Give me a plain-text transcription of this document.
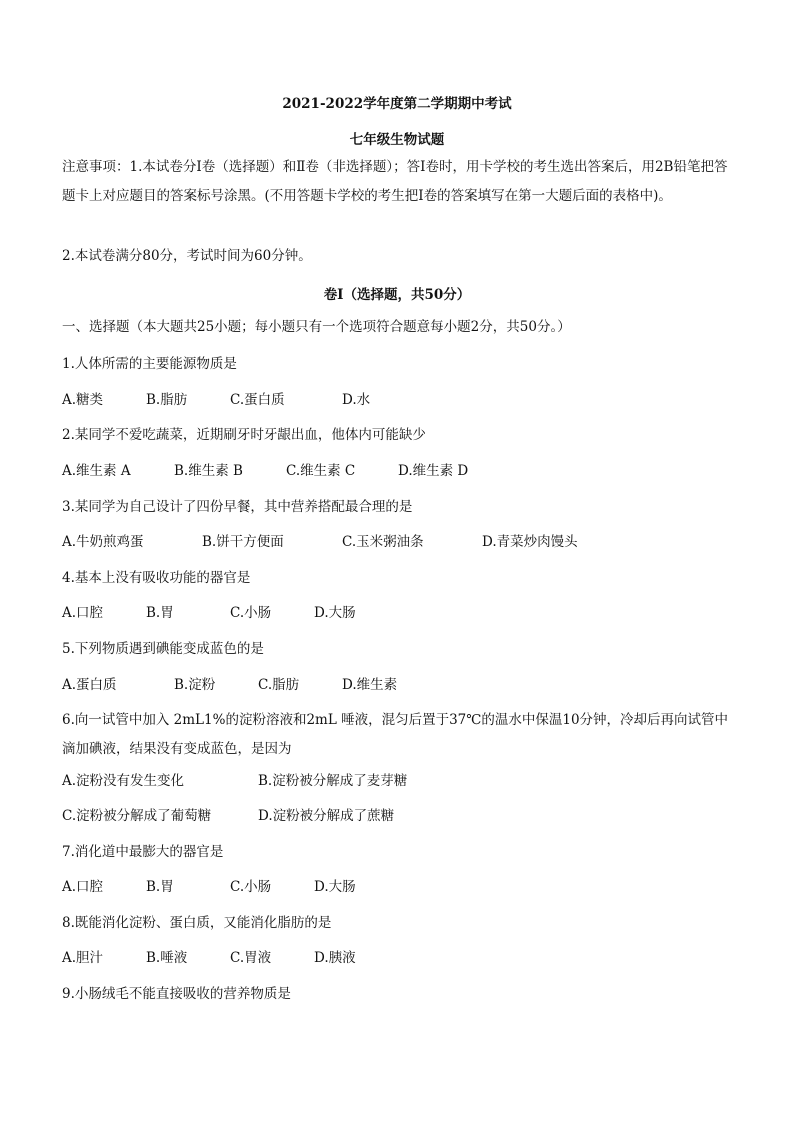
2021-2022学年度第二学期期中考试
七年级生物试题
注意事项：1.本试卷分Ⅰ卷（选择题）和Ⅱ卷（非选择题）；答Ⅰ卷时，用卡学校的考生选出答案后，用2B铅笔把答题卡上对应题目的答案标号涂黑。(不用答题卡学校的考生把Ⅰ卷的答案填写在第一大题后面的表格中)。
2.本试卷满分80分，考试时间为60分钟。
卷Ⅰ（选择题，共50分）
一、选择题（本大题共25小题；每小题只有一个选项符合题意每小题2分，共50分。）
1.人体所需的主要能源物质是
A.糖类	B.脂肪	C.蛋白质	D.水
2.某同学不爱吃蔬菜，近期刷牙时牙龈出血，他体内可能缺少
A.维生素 A	B.维生素 B	C.维生素 C	D.维生素 D
3.某同学为自己设计了四份早餐，其中营养搭配最合理的是
A.牛奶煎鸡蛋	B.饼干方便面	C.玉米粥油条	D.青菜炒肉馒头
4.基本上没有吸收功能的器官是
A.口腔	B.胃	C.小肠	D.大肠
5.下列物质遇到碘能变成蓝色的是
A.蛋白质	B.淀粉	C.脂肪	D.维生素
6.向一试管中加入 2mL1%的淀粉溶液和2mL 唾液，混匀后置于37℃的温水中保温10分钟，冷却后再向试管中滴加碘液，结果没有变成蓝色，是因为
A.淀粉没有发生变化	B.淀粉被分解成了麦芽糖
C.淀粉被分解成了葡萄糖	D.淀粉被分解成了蔗糖
7.消化道中最膨大的器官是
A.口腔	B.胃	C.小肠	D.大肠
8.既能消化淀粉、蛋白质，又能消化脂肪的是
A.胆汁	B.唾液	C.胃液	D.胰液
9.小肠绒毛不能直接吸收的营养物质是
